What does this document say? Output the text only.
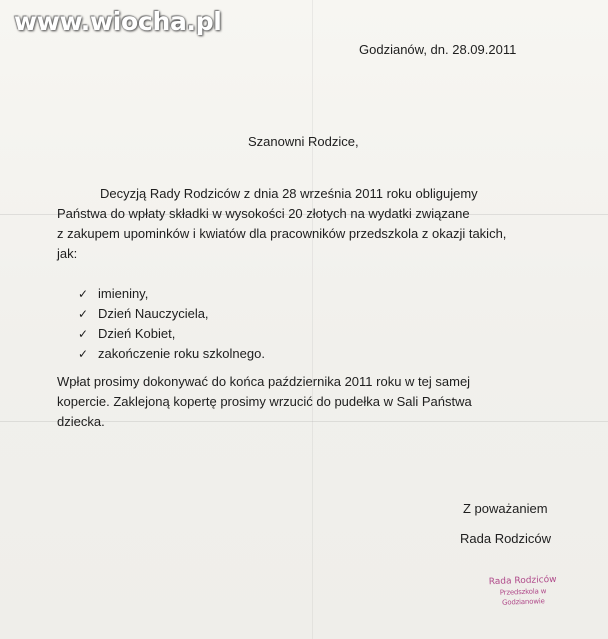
www.wiocha.pl
Godzianów, dn. 28.09.2011
Szanowni Rodzice,
Decyzją Rady Rodziców z dnia 28 września 2011 roku obligujemy
Państwa do wpłaty składki w wysokości 20 złotych na wydatki związane
z zakupem upominków i kwiatów dla pracowników przedszkola z okazji takich,
jak:
✓ imieniny,
✓ Dzień Nauczyciela,
✓ Dzień Kobiet,
✓ zakończenie roku szkolnego.
Wpłat prosimy dokonywać do końca października 2011 roku w tej samej
kopercie. Zaklejoną kopertę prosimy wrzucić do pudełka w Sali Państwa
dziecka.
Z poważaniem
Rada Rodziców
Rada Rodziców
Przedszkola w Godzianowie
